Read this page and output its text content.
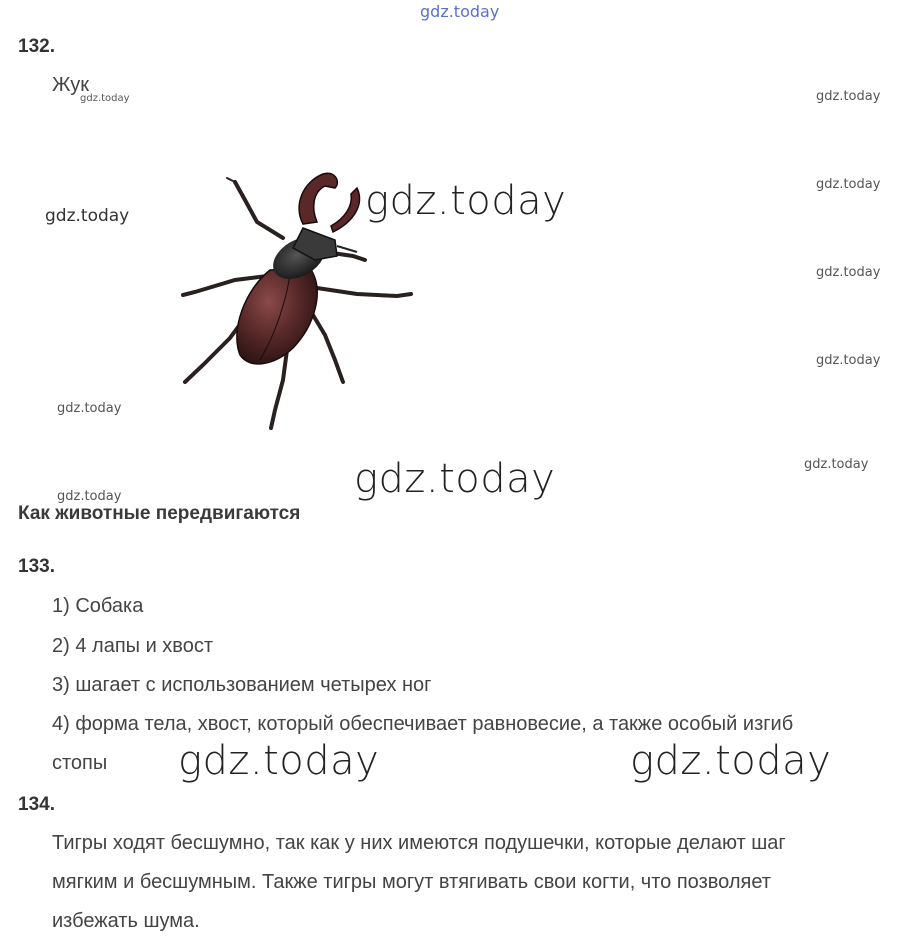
gdz.today
132.
Жук
gdz.today	gdz.today
gdz.today
gdz.today
gdz.today
gdz.today
gdz.today
gdz.today
gdz.today
gdz.today
gdz.today
Как животные передвигаются
133.
1) Собака
2) 4 лапы и хвост
3) шагает с использованием четырех ног
4) форма тела, хвост, который обеспечивает равновесие, а также особый изгиб
стопы gdz.today	gdz.today
134.
Тигры ходят бесшумно, так как у них имеются подушечки, которые делают шаг
мягким и бесшумным. Также тигры могут втягивать свои когти, что позволяет
избежать шума.
